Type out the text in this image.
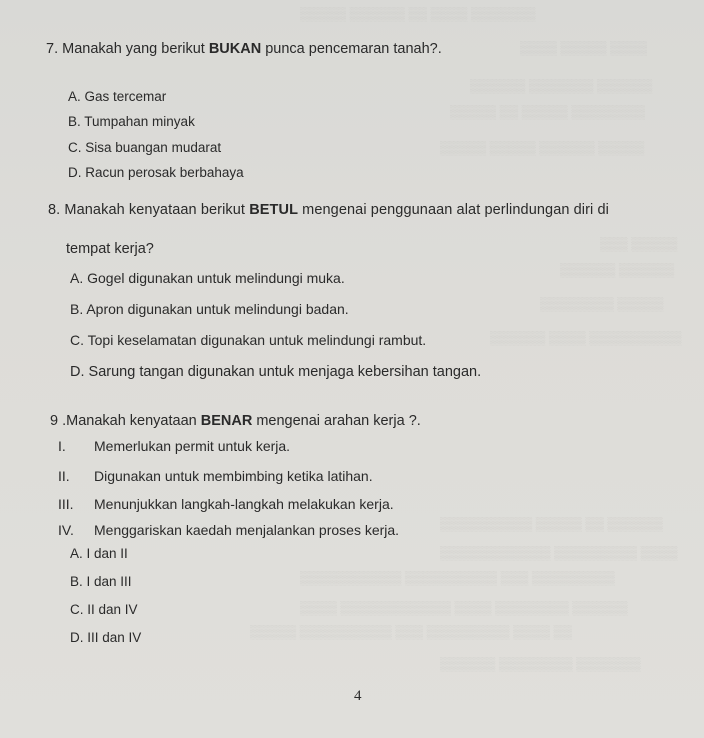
▒▒▒▒▒▒▒ ▒▒▒▒ ▒▒ ▒▒▒▒▒▒ ▒▒▒▒▒
▒▒▒▒ ▒▒▒▒▒ ▒▒▒▒
▒▒▒▒▒▒ ▒▒▒▒▒▒▒ ▒▒▒▒▒▒
▒▒▒▒▒▒▒▒ ▒▒▒▒▒ ▒▒ ▒▒▒▒▒
▒▒▒▒▒ ▒▒▒▒▒▒ ▒▒▒▒▒ ▒▒▒▒▒
▒▒▒▒▒ ▒▒▒
▒▒▒▒▒▒ ▒▒▒▒▒▒
▒▒▒▒▒ ▒▒▒▒▒▒▒▒
▒▒▒▒▒▒▒▒▒▒ ▒▒▒▒ ▒▒▒▒▒▒
▒▒▒▒▒▒ ▒▒ ▒▒▒▒▒ ▒▒▒▒▒▒▒▒▒▒
▒▒▒▒ ▒▒▒▒▒▒▒▒▒ ▒▒▒▒▒▒▒▒▒▒▒▒
▒▒▒▒▒▒▒▒▒ ▒▒▒ ▒▒▒▒▒▒▒▒▒▒ ▒▒▒▒▒▒▒▒▒▒▒
▒▒▒▒▒▒ ▒▒▒▒▒▒▒▒ ▒▒▒▒ ▒▒▒▒▒▒▒▒▒▒▒▒ ▒▒▒▒
▒▒ ▒▒▒▒ ▒▒▒▒▒▒▒▒▒ ▒▒▒ ▒▒▒▒▒▒▒▒▒▒ ▒▒▒▒▒
▒▒▒▒▒▒▒ ▒▒▒▒▒▒▒▒ ▒▒▒▒▒▒
7. Manakah yang berikut BUKAN punca pencemaran tanah?.
A. Gas tercemar
B. Tumpahan minyak
C. Sisa buangan mudarat
D. Racun perosak berbahaya
8. Manakah kenyataan berikut BETUL mengenai penggunaan alat perlindungan diri di
tempat kerja?
A. Gogel digunakan untuk melindungi muka.
B. Apron digunakan untuk melindungi badan.
C. Topi keselamatan digunakan untuk melindungi rambut.
D. Sarung tangan digunakan untuk menjaga kebersihan tangan.
9 .Manakah kenyataan BENAR mengenai arahan kerja ?.
I. Memerlukan permit untuk kerja.
II. Digunakan untuk membimbing ketika latihan.
III. Menunjukkan langkah-langkah melakukan kerja.
IV. Menggariskan kaedah menjalankan proses kerja.
A. I dan II
B. I dan III
C. II dan IV
D. III dan IV
4
